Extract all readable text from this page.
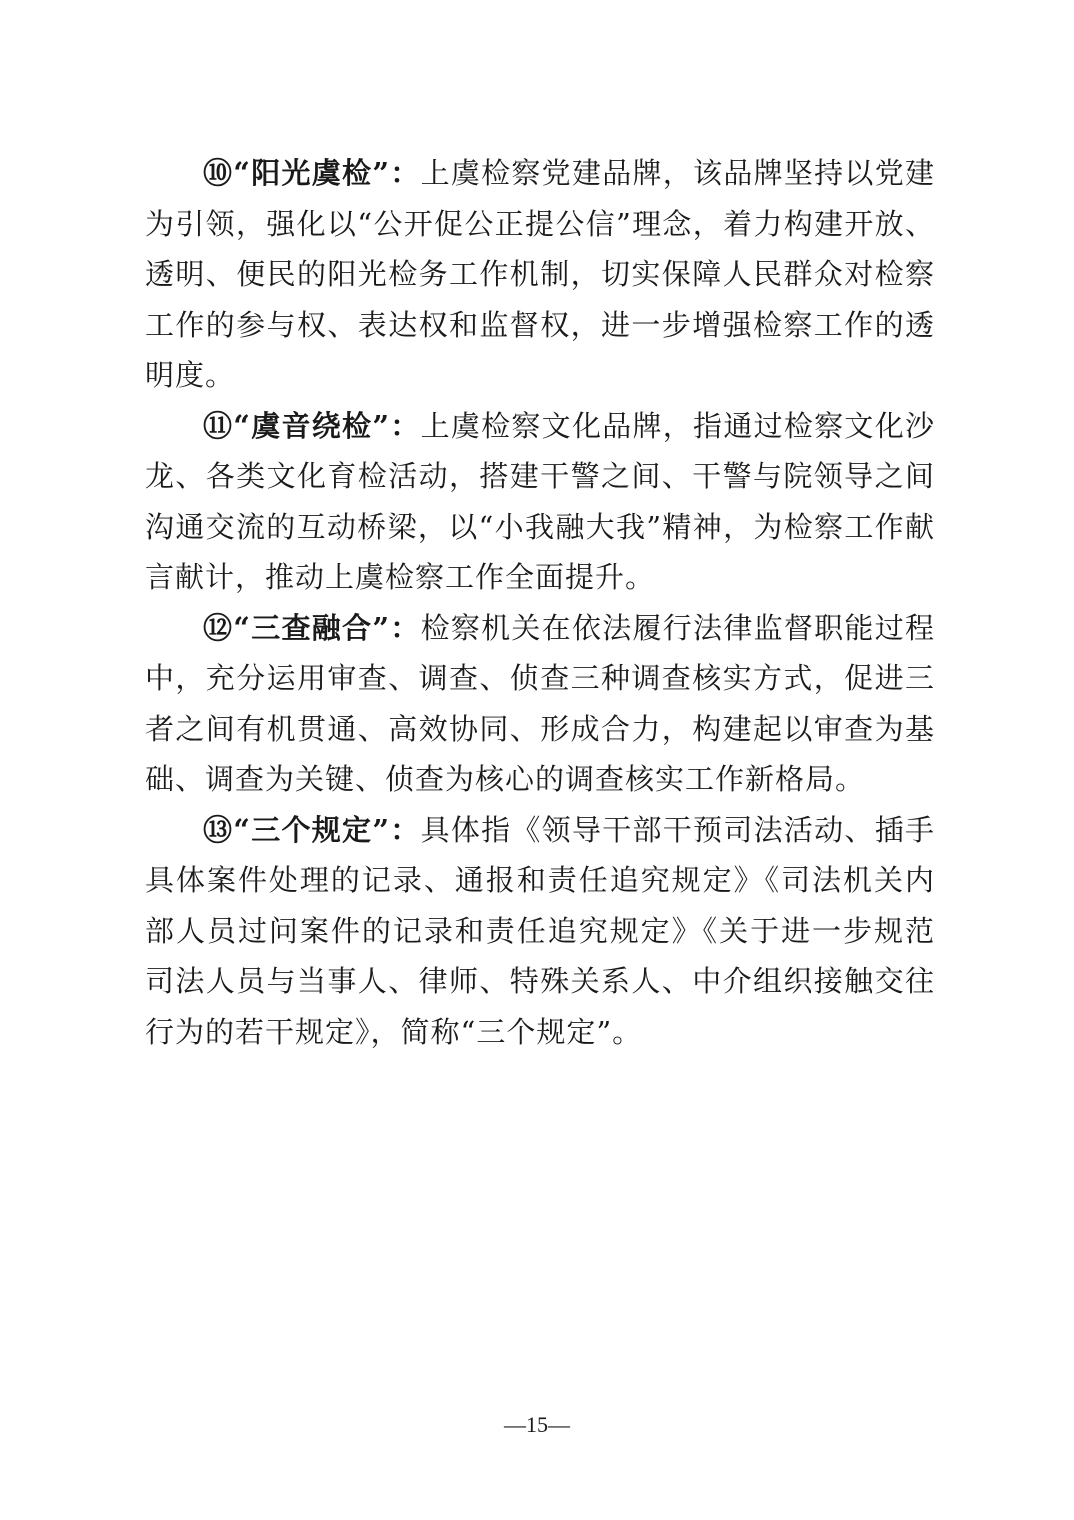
⑩“阳光虞检”：上虞检察党建品牌，该品牌坚持以党建为引领，强化以“公开促公正提公信”理念，着力构建开放、透明、便民的阳光检务工作机制，切实保障人民群众对检察工作的参与权、表达权和监督权，进一步增强检察工作的透明度。

⑪“虞音绕检”：上虞检察文化品牌，指通过检察文化沙龙、各类文化育检活动，搭建干警之间、干警与院领导之间沟通交流的互动桥梁，以“小我融大我”精神，为检察工作献言献计，推动上虞检察工作全面提升。

⑫“三查融合”：检察机关在依法履行法律监督职能过程中，充分运用审查、调查、侦查三种调查核实方式，促进三者之间有机贯通、高效协同、形成合力，构建起以审查为基础、调查为关键、侦查为核心的调查核实工作新格局。

⑬“三个规定”：具体指《领导干部干预司法活动、插手具体案件处理的记录、通报和责任追究规定》《司法机关内部人员过问案件的记录和责任追究规定》《关于进一步规范司法人员与当事人、律师、特殊关系人、中介组织接触交往行为的若干规定》，简称“三个规定”。

—15—
